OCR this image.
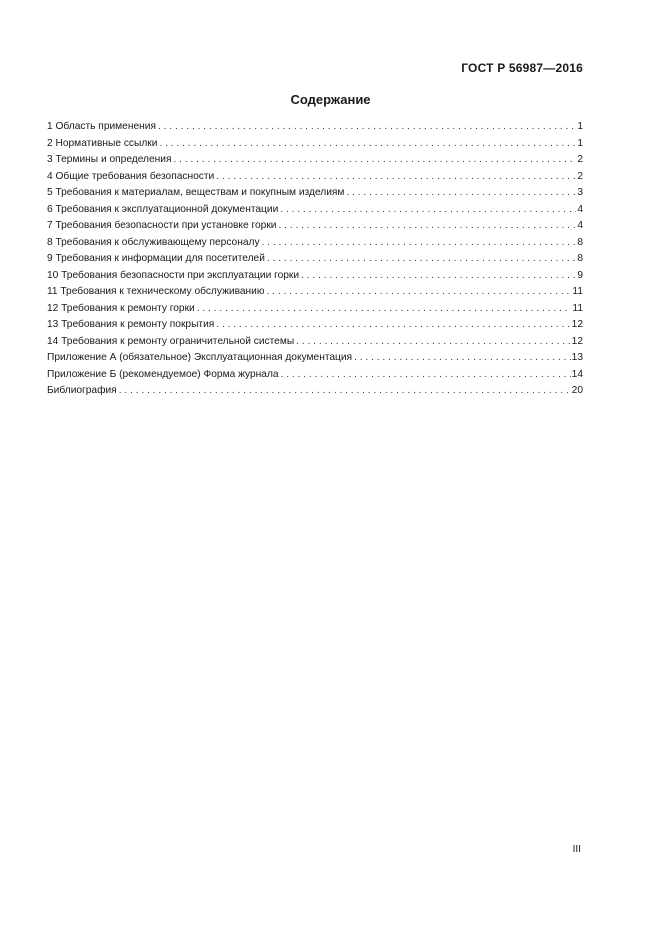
ГОСТ Р 56987—2016
Содержание
1 Область применения . . .	1
2 Нормативные ссылки . . .	1
3 Термины и определения . . .	2
4 Общие требования безопасности . . .	2
5 Требования к материалам, веществам и покупным изделиям . . .	3
6 Требования к эксплуатационной документации . . .	4
7 Требования безопасности при установке горки . . .	4
8 Требования к обслуживающему персоналу . . .	8
9 Требования к информации для посетителей . . .	8
10 Требования безопасности при эксплуатации горки . . .	9
11 Требования к техническому обслуживанию . . .	11
12 Требования к ремонту горки . . .	11
13 Требования к ремонту покрытия . . .	12
14 Требования к ремонту ограничительной системы . . .	12
Приложение А (обязательное) Эксплуатационная документация . . .	13
Приложение Б (рекомендуемое) Форма журнала . . .	14
Библиография . . .	20
III
